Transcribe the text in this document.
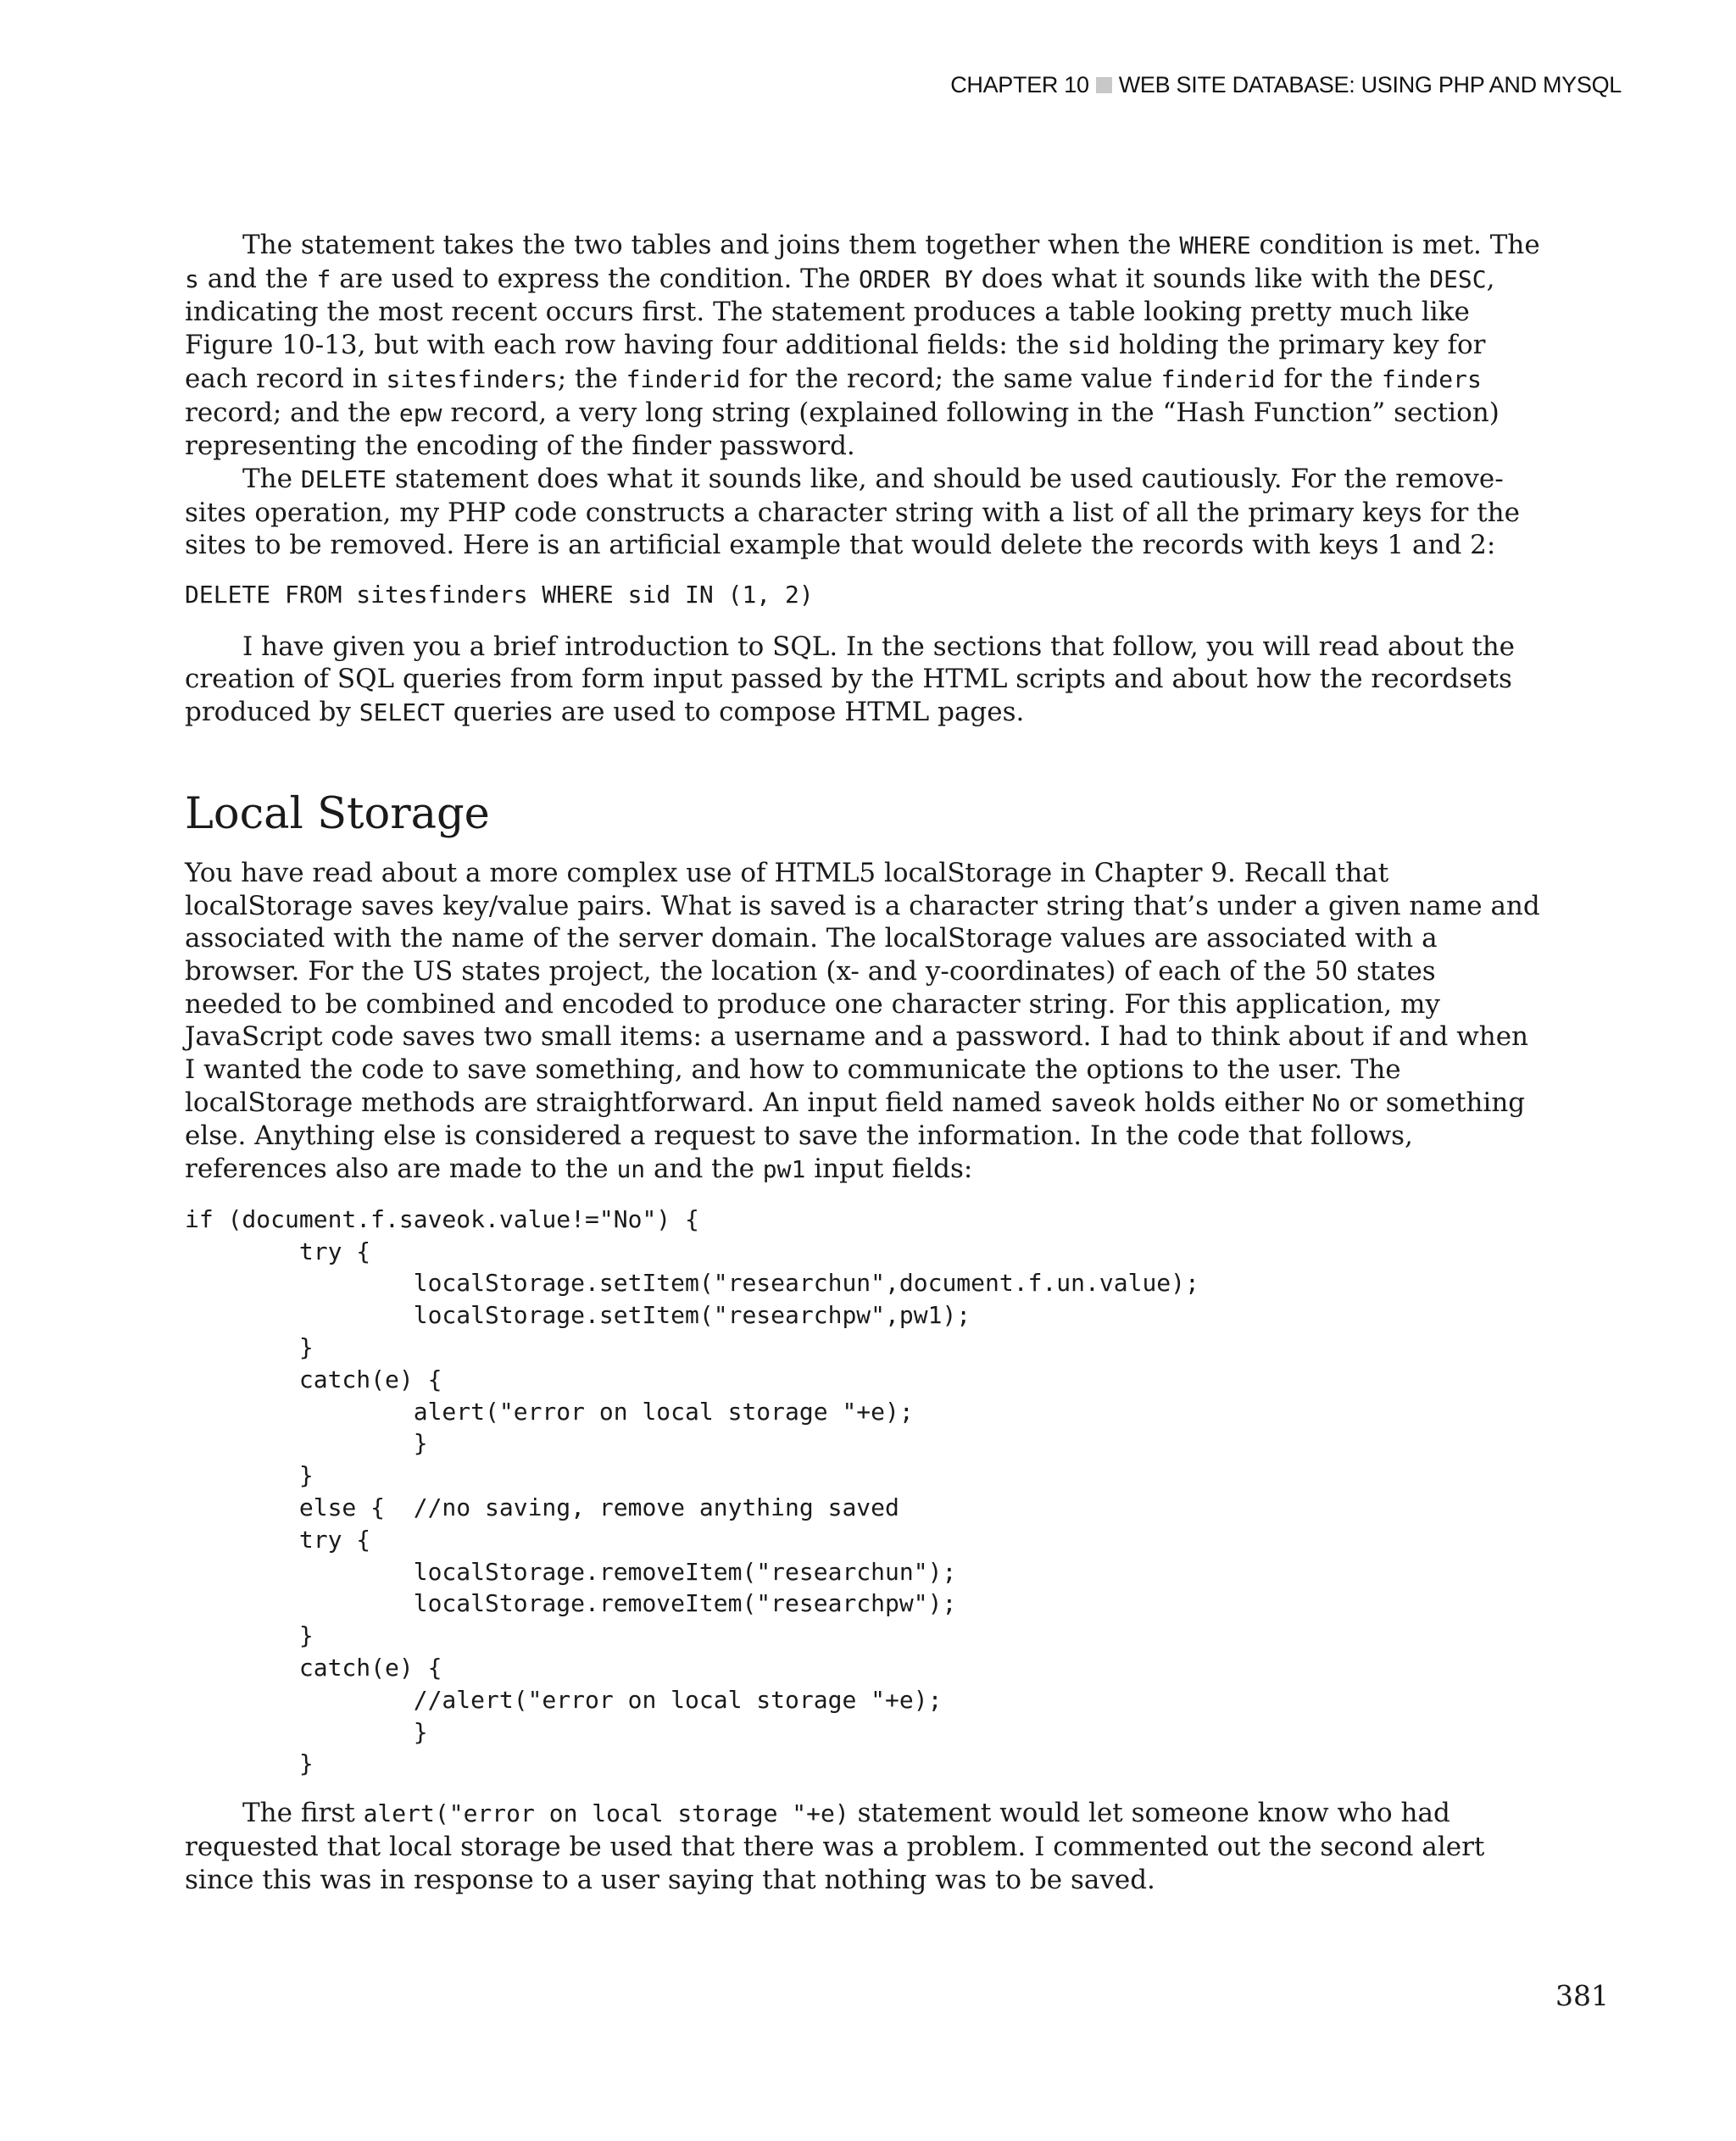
CHAPTER 10 WEB SITE DATABASE: USING PHP AND MYSQL

The statement takes the two tables and joins them together when the WHERE condition is met. The s and the f are used to express the condition. The ORDER BY does what it sounds like with the DESC, indicating the most recent occurs first. The statement produces a table looking pretty much like Figure 10-13, but with each row having four additional fields: the sid holding the primary key for each record in sitesfinders; the finderid for the record; the same value finderid for the finders record; and the epw record, a very long string (explained following in the “Hash Function” section) representing the encoding of the finder password.

The DELETE statement does what it sounds like, and should be used cautiously. For the remove-sites operation, my PHP code constructs a character string with a list of all the primary keys for the sites to be removed. Here is an artificial example that would delete the records with keys 1 and 2:

DELETE FROM sitesfinders WHERE sid IN (1, 2)

I have given you a brief introduction to SQL. In the sections that follow, you will read about the creation of SQL queries from form input passed by the HTML scripts and about how the recordsets produced by SELECT queries are used to compose HTML pages.

Local Storage

You have read about a more complex use of HTML5 localStorage in Chapter 9. Recall that localStorage saves key/value pairs. What is saved is a character string that’s under a given name and associated with the name of the server domain. The localStorage values are associated with a browser. For the US states project, the location (x- and y-coordinates) of each of the 50 states needed to be combined and encoded to produce one character string. For this application, my JavaScript code saves two small items: a username and a password. I had to think about if and when I wanted the code to save something, and how to communicate the options to the user. The localStorage methods are straightforward. An input field named saveok holds either No or something else. Anything else is considered a request to save the information. In the code that follows, references also are made to the un and the pw1 input fields:

if (document.f.saveok.value!="No") {
try {
localStorage.setItem("researchun",document.f.un.value);
localStorage.setItem("researchpw",pw1);
}
catch(e) {
alert("error on local storage "+e);
}
}
else {  //no saving, remove anything saved
try {
localStorage.removeItem("researchun");
localStorage.removeItem("researchpw");
}
catch(e) {
//alert("error on local storage "+e);
}
}

The first alert("error on local storage "+e) statement would let someone know who had requested that local storage be used that there was a problem. I commented out the second alert since this was in response to a user saying that nothing was to be saved.

381
